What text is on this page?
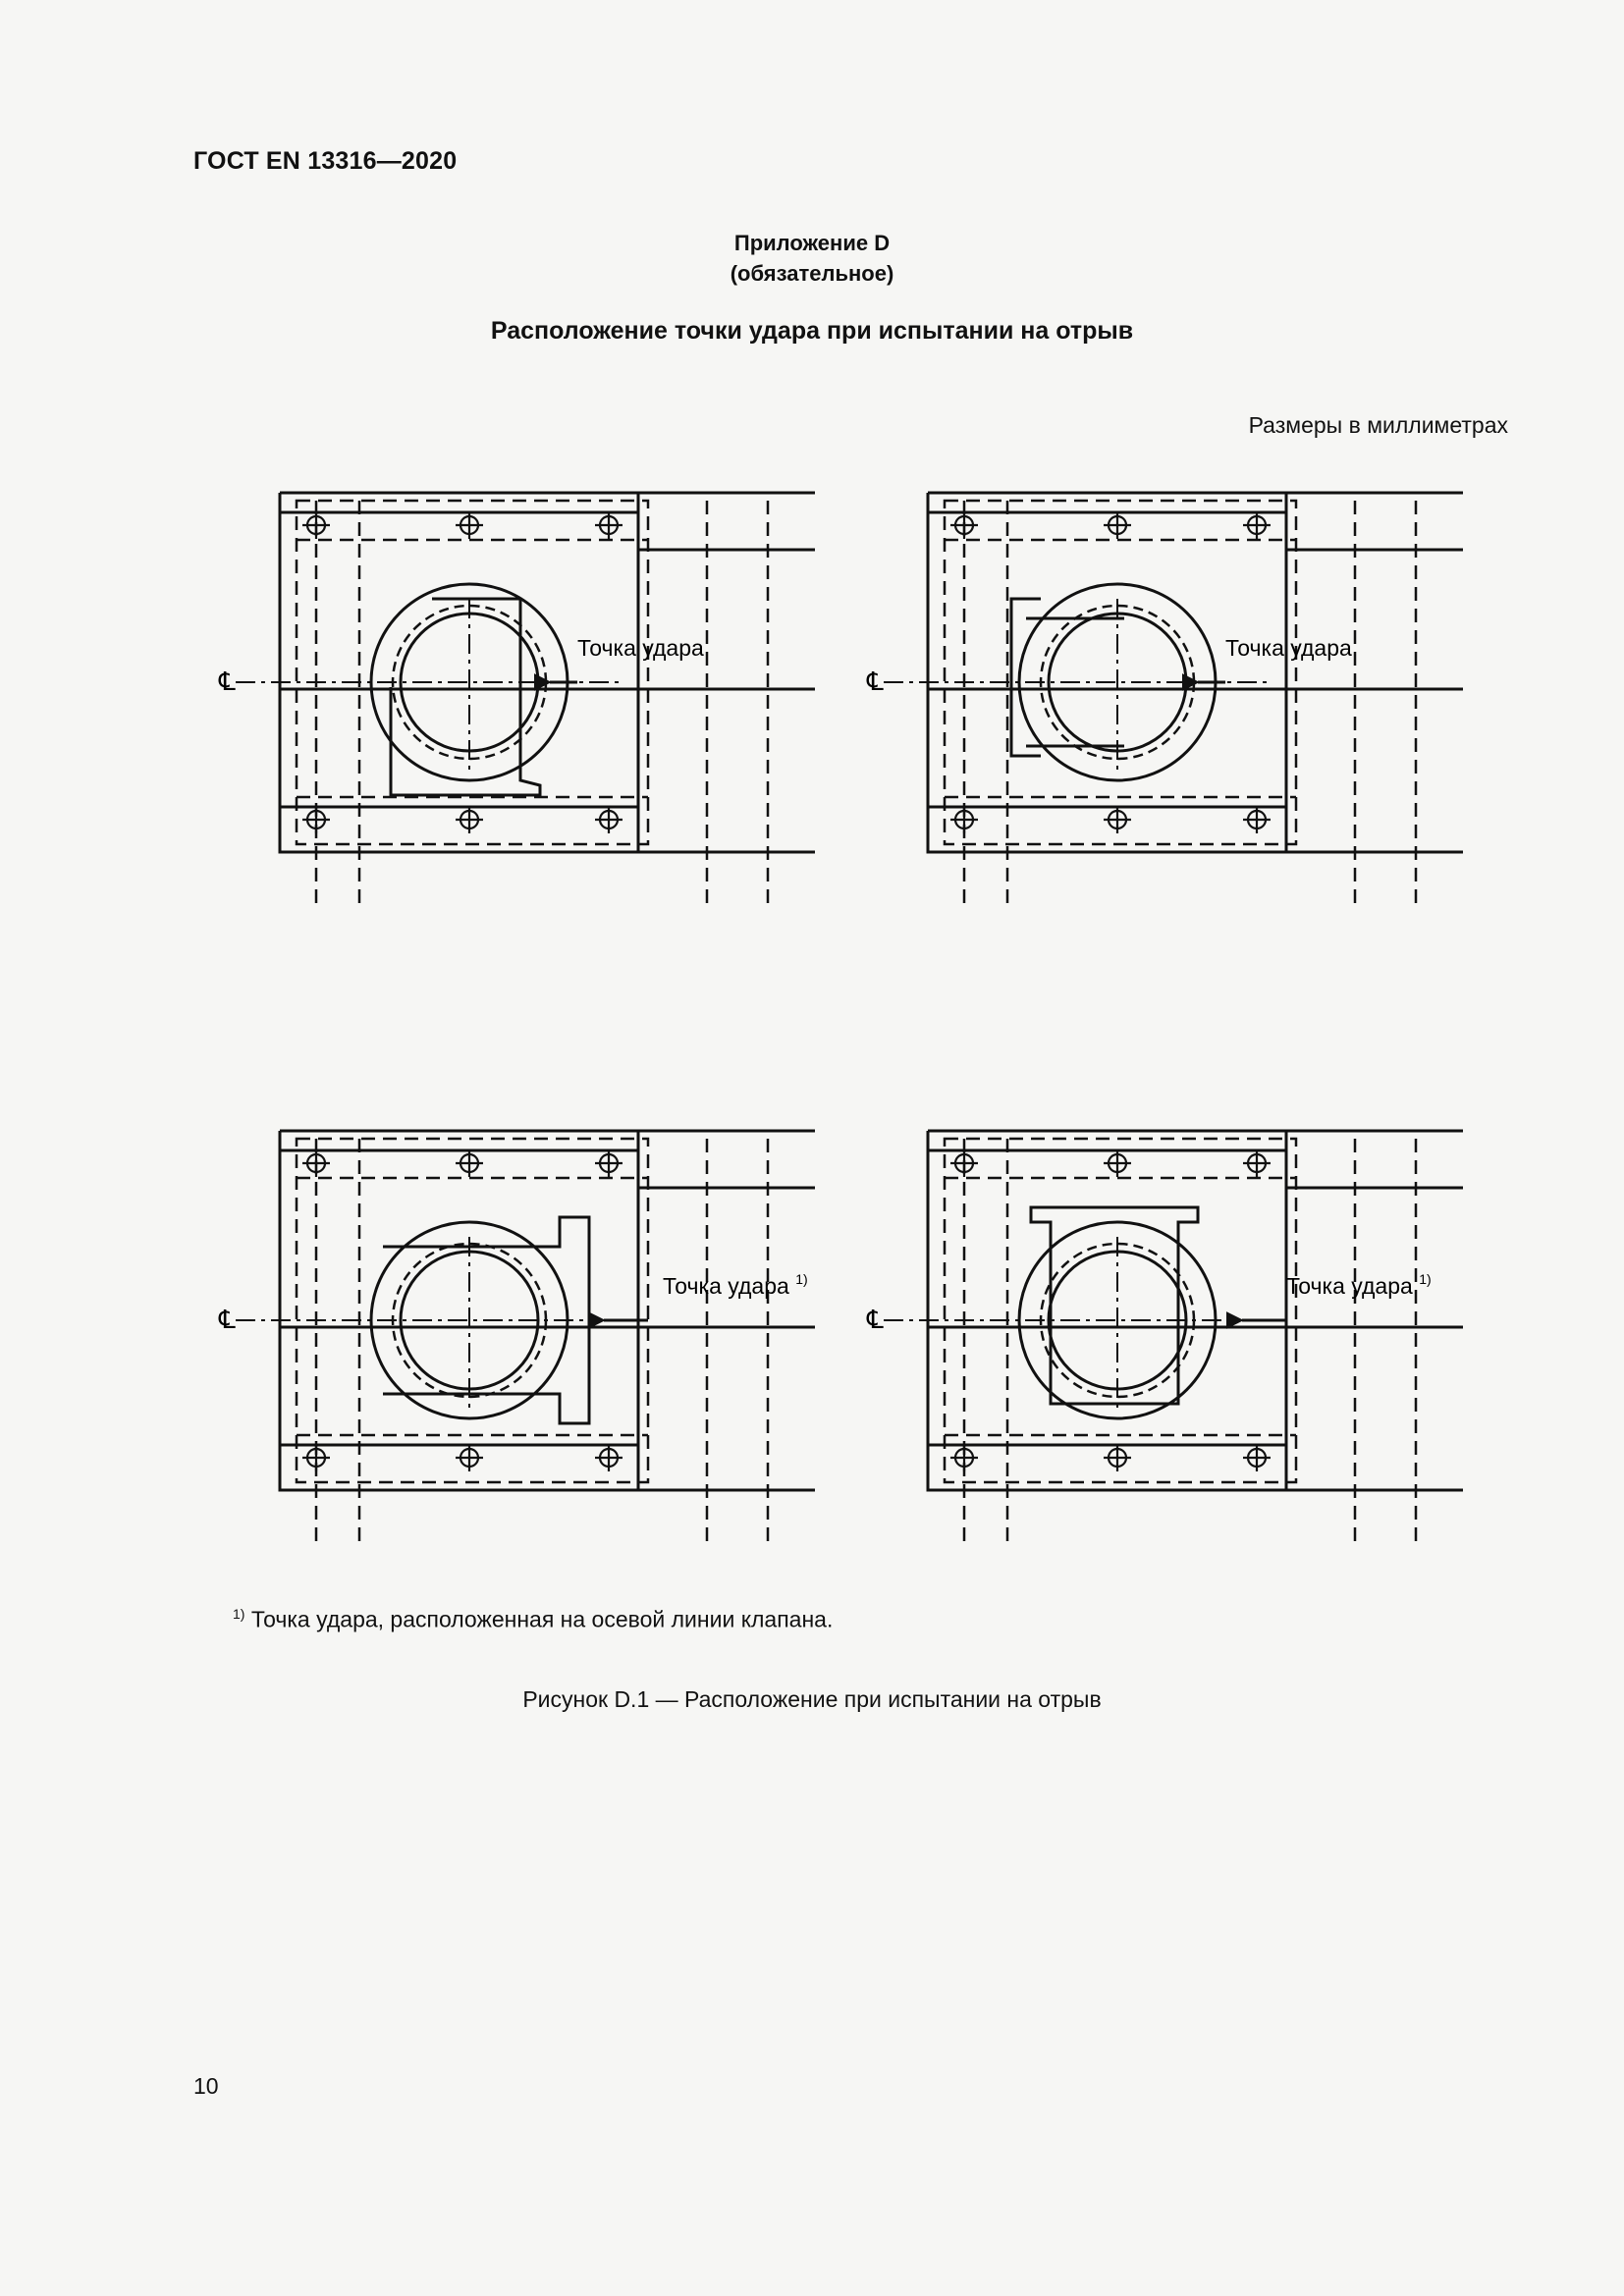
ГОСТ EN 13316—2020
Приложение D
(обязательное)
Расположение точки удара при испытании на отрыв
Размеры в миллиметрах
℄
Точка удара
℄
Точка удара
℄
Точка удара $^{1)}$
℄
Точка удара $^{1)}$
$^{1)}$ Точка удара, расположенная на осевой линии клапана.
Рисунок D.1 — Расположение при испытании на отрыв
10
